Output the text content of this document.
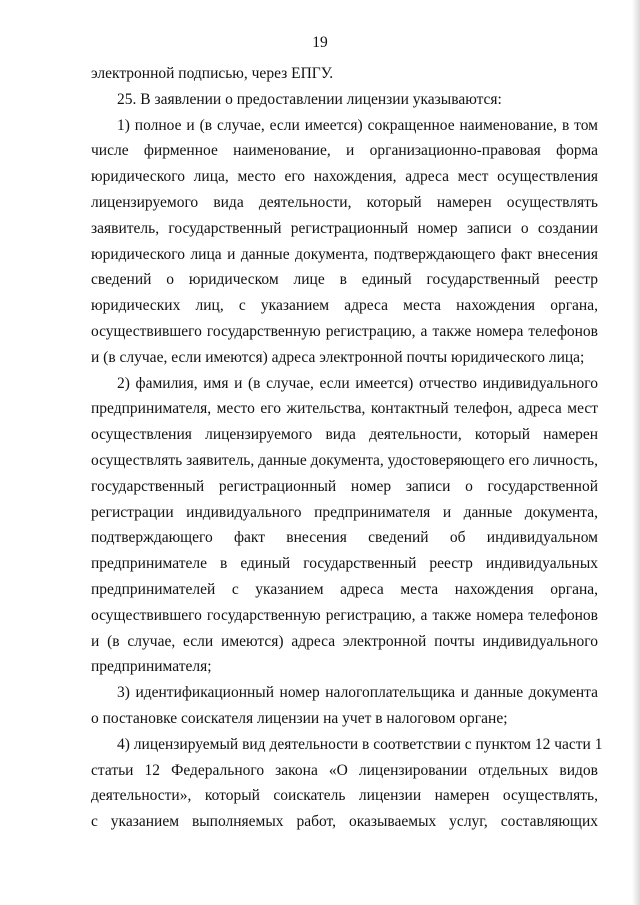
19
электронной подписью, через ЕПГУ.
25. В заявлении о предоставлении лицензии указываются:
1) полное и (в случае, если имеется) сокращенное наименование, в том
числе фирменное наименование, и организационно-правовая форма
юридического лица, место его нахождения, адреса мест осуществления
лицензируемого вида деятельности, который намерен осуществлять
заявитель, государственный регистрационный номер записи о создании
юридического лица и данные документа, подтверждающего факт внесения
сведений о юридическом лице в единый государственный реестр
юридических лиц, с указанием адреса места нахождения органа,
осуществившего государственную регистрацию, а также номера телефонов
и (в случае, если имеются) адреса электронной почты юридического лица;
2) фамилия, имя и (в случае, если имеется) отчество индивидуального
предпринимателя, место его жительства, контактный телефон, адреса мест
осуществления лицензируемого вида деятельности, который намерен
осуществлять заявитель, данные документа, удостоверяющего его личность,
государственный регистрационный номер записи о государственной
регистрации индивидуального предпринимателя и данные документа,
подтверждающего факт внесения сведений об индивидуальном
предпринимателе в единый государственный реестр индивидуальных
предпринимателей с указанием адреса места нахождения органа,
осуществившего государственную регистрацию, а также номера телефонов
и (в случае, если имеются) адреса электронной почты индивидуального
предпринимателя;
3) идентификационный номер налогоплательщика и данные документа
о постановке соискателя лицензии на учет в налоговом органе;
4) лицензируемый вид деятельности в соответствии с пунктом 12 части 1
статьи 12 Федерального закона «О лицензировании отдельных видов
деятельности», который соискатель лицензии намерен осуществлять,
с указанием выполняемых работ, оказываемых услуг, составляющих
